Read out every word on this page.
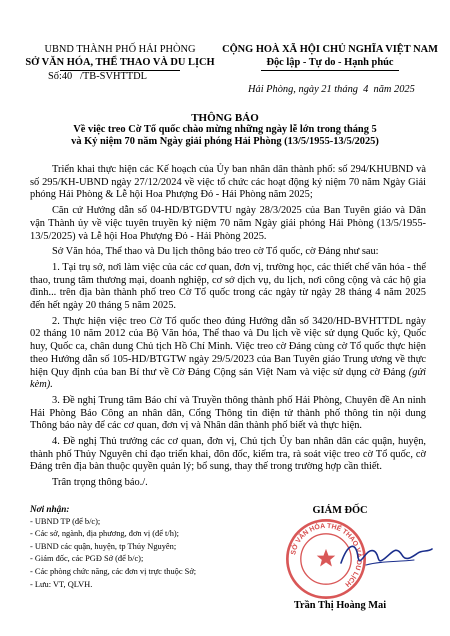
UBND THÀNH PHỐ HẢI PHÒNG
SỞ VĂN HÓA, THỂ THAO VÀ DU LỊCH
CỘNG HOÀ XÃ HỘI CHỦ NGHĨA VIỆT NAM
Độc lập - Tự do - Hạnh phúc
Số:40   /TB-SVHTTDL
Hải Phòng, ngày 21 tháng  4  năm 2025
THÔNG BÁO
Về việc treo Cờ Tổ quốc chào mừng những ngày lễ lớn trong tháng 5
và Kỷ niệm 70 năm Ngày giải phóng Hải Phòng (13/5/1955-13/5/2025)

Triển khai thực hiện các Kế hoạch của Ủy ban nhân dân thành phố: số 294/KHUBND và số 295/KH-UBND ngày 27/12/2024 về việc tổ chức các hoạt động kỷ niệm 70 năm Ngày Giải phóng Hải Phòng & Lễ hội Hoa Phượng Đỏ - Hải Phòng năm 2025;

Căn cứ Hướng dẫn số 04-HD/BTGDVTU ngày 28/3/2025 của Ban Tuyên giáo và Dân vận Thành ủy về việc tuyên truyền kỷ niệm 70 năm Ngày giải phóng Hải Phòng (13/5/1955-13/5/2025) và Lễ hội Hoa Phượng Đỏ - Hải Phòng 2025.

Sở Văn hóa, Thể thao và Du lịch thông báo treo cờ Tổ quốc, cờ Đảng như sau:

1. Tại trụ sở, nơi làm việc của các cơ quan, đơn vị, trường học, các thiết chế văn hóa - thể thao, trung tâm thương mại, doanh nghiệp, cơ sở dịch vụ, du lịch, nơi công cộng và các hộ gia đình... trên địa bàn thành phố treo Cờ Tổ quốc trong các ngày từ ngày 28 tháng 4 năm 2025 đến hết ngày 20 tháng 5 năm 2025.

2. Thực hiện việc treo Cờ Tổ quốc theo đúng Hướng dẫn số 3420/HD-BVHTTDL ngày 02 tháng 10 năm 2012 của Bộ Văn hóa, Thể thao và Du lịch về việc sử dụng Quốc kỳ, Quốc huy, Quốc ca, chân dung Chủ tịch Hồ Chí Minh. Việc treo cờ Đảng cùng cờ Tổ quốc thực hiện theo Hướng dẫn số 105-HD/BTGTW ngày 29/5/2023 của Ban Tuyên giáo Trung ương về thực hiện Quy định của ban Bí thư về Cờ Đảng Cộng sản Việt Nam và việc sử dụng cờ Đảng (gửi kèm).

3. Đề nghị Trung tâm Báo chí và Truyền thông thành phố Hải Phòng, Chuyên đề An ninh Hải Phòng Báo Công an nhân dân, Cổng Thông tin điện tử thành phố thông tin nội dung Thông báo này để các cơ quan, đơn vị và Nhân dân thành phố biết và thực hiện.

4. Đề nghị Thủ trưởng các cơ quan, đơn vị, Chủ tịch Ủy ban nhân dân các quận, huyện, thành phố Thủy Nguyên chỉ đạo triển khai, đôn đốc, kiểm tra, rà soát việc treo cờ Tổ quốc, cờ Đảng trên địa bàn thuộc quyền quản lý; bổ sung, thay thế trong trường hợp cần thiết.

Trân trọng thông báo./.

Nơi nhận:
- UBND TP (để b/c);
- Các sở, ngành, địa phương, đơn vị (để t/h);
- UBND các quận, huyện, tp Thủy Nguyên;
- Giám đốc, các PGĐ Sở (để b/c);
- Các phòng chức năng, các đơn vị trực thuộc Sở;
- Lưu: VT, QLVH.
SỞ VĂN HÓA THỂ THAO VÀ DU LỊCH
GIÁM ĐỐC
Trần Thị Hoàng Mai
